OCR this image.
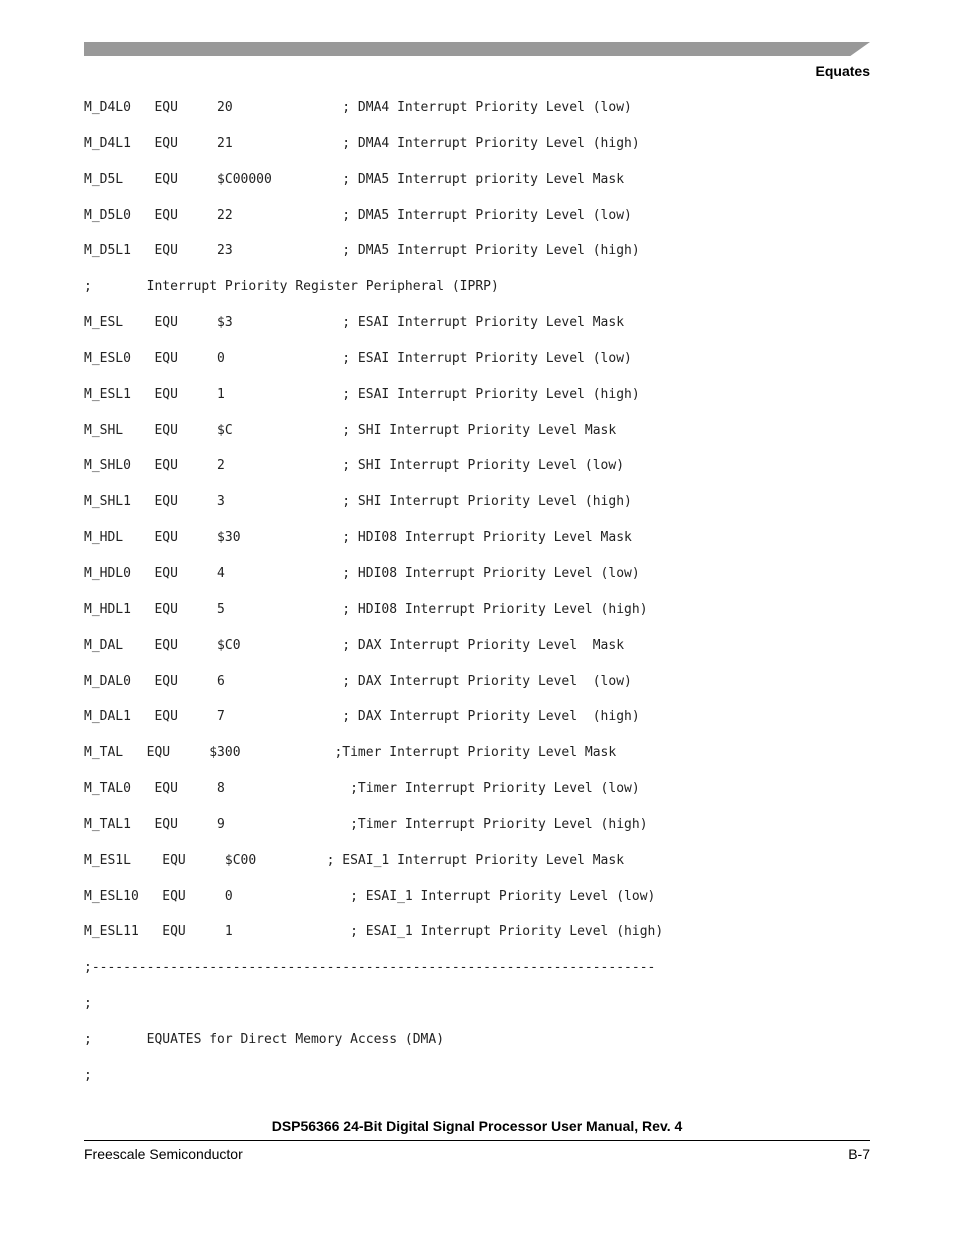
Equates
M_D4L0   EQU     20              ; DMA4 Interrupt Priority Level (low)
M_D4L1   EQU     21              ; DMA4 Interrupt Priority Level (high)
M_D5L    EQU     $C00000         ; DMA5 Interrupt priority Level Mask
M_D5L0   EQU     22              ; DMA5 Interrupt Priority Level (low)
M_D5L1   EQU     23              ; DMA5 Interrupt Priority Level (high)
;       Interrupt Priority Register Peripheral (IPRP)
M_ESL    EQU     $3              ; ESAI Interrupt Priority Level Mask
M_ESL0   EQU     0               ; ESAI Interrupt Priority Level (low)
M_ESL1   EQU     1               ; ESAI Interrupt Priority Level (high)
M_SHL    EQU     $C              ; SHI Interrupt Priority Level Mask
M_SHL0   EQU     2               ; SHI Interrupt Priority Level (low)
M_SHL1   EQU     3               ; SHI Interrupt Priority Level (high)
M_HDL    EQU     $30             ; HDI08 Interrupt Priority Level Mask
M_HDL0   EQU     4               ; HDI08 Interrupt Priority Level (low)
M_HDL1   EQU     5               ; HDI08 Interrupt Priority Level (high)
M_DAL    EQU     $C0             ; DAX Interrupt Priority Level  Mask
M_DAL0   EQU     6               ; DAX Interrupt Priority Level  (low)
M_DAL1   EQU     7               ; DAX Interrupt Priority Level  (high)
M_TAL   EQU     $300            ;Timer Interrupt Priority Level Mask
M_TAL0   EQU     8                ;Timer Interrupt Priority Level (low)
M_TAL1   EQU     9                ;Timer Interrupt Priority Level (high)
M_ES1L    EQU     $C00         ; ESAI_1 Interrupt Priority Level Mask
M_ESL10   EQU     0               ; ESAI_1 Interrupt Priority Level (low)
M_ESL11   EQU     1               ; ESAI_1 Interrupt Priority Level (high)
;------------------------------------------------------------------------
;
;       EQUATES for Direct Memory Access (DMA)
;
DSP56366 24-Bit Digital Signal Processor User Manual, Rev. 4
Freescale Semiconductor	B-7
